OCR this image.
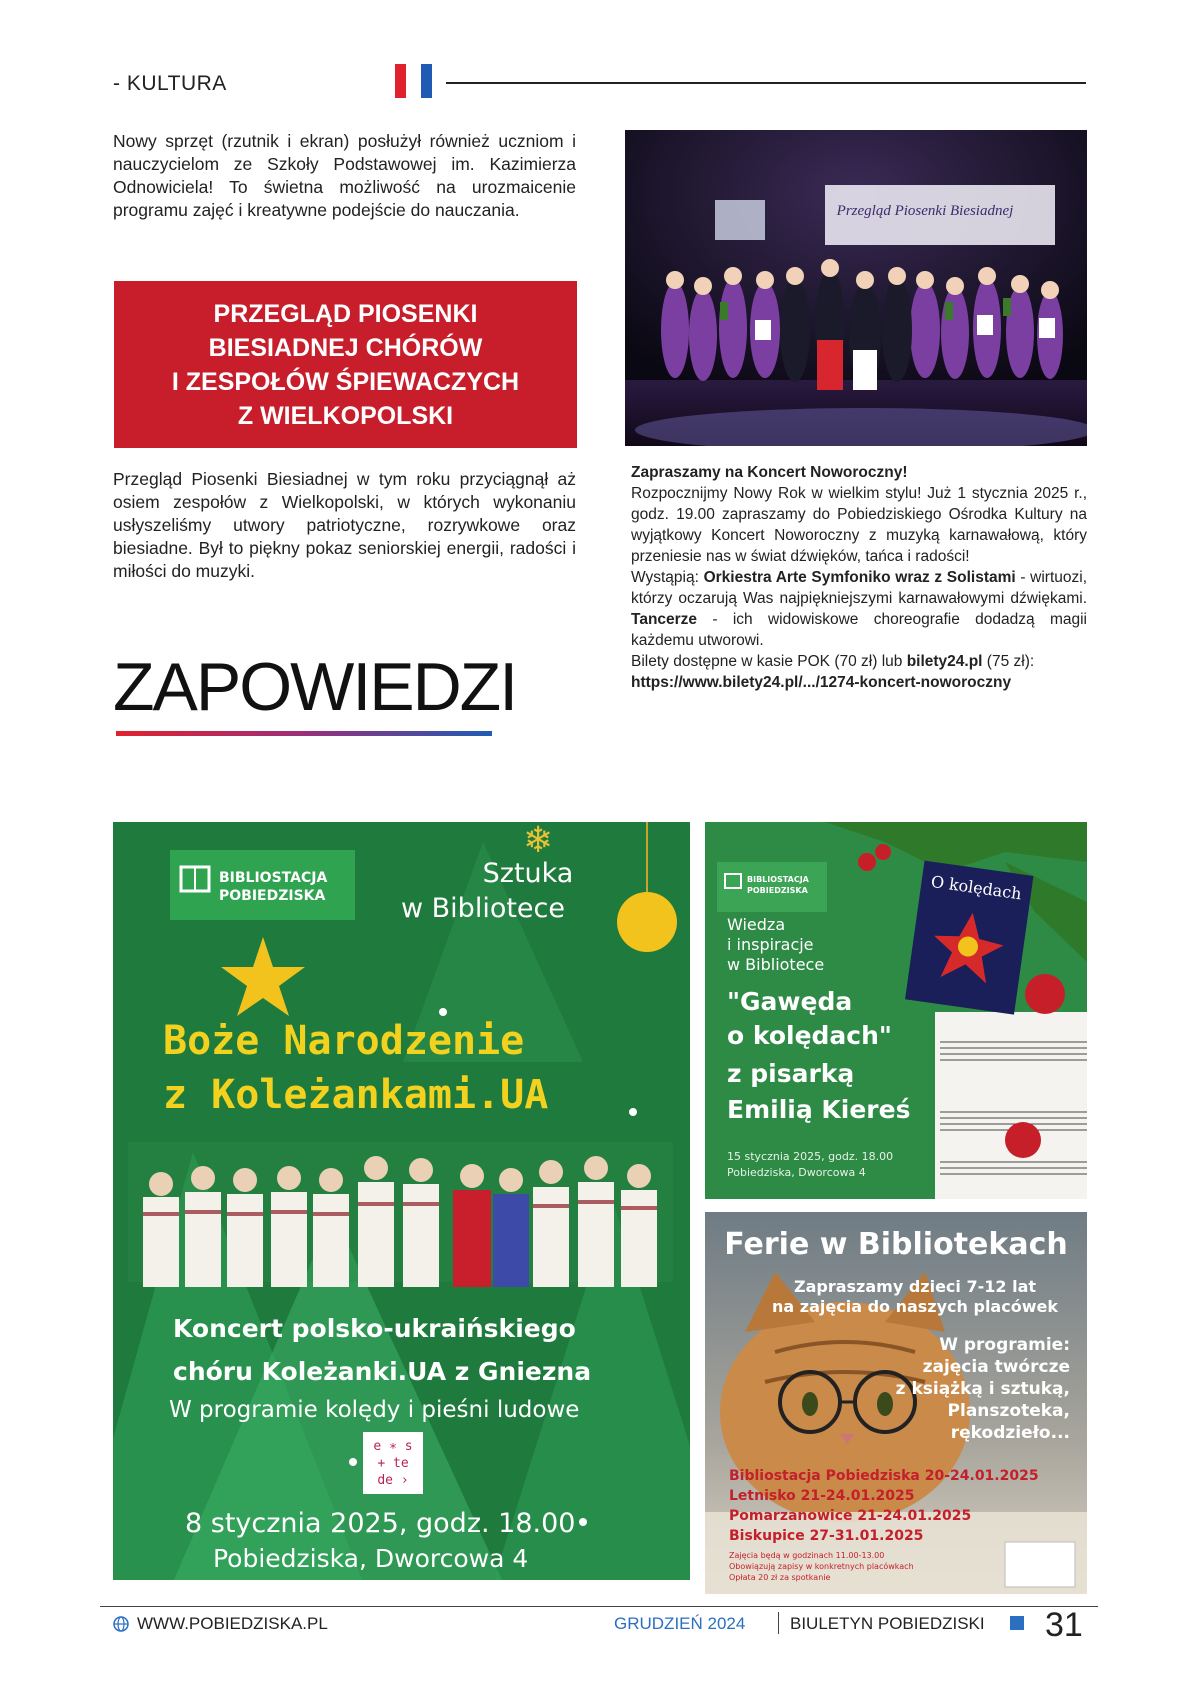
- KULTURA
Nowy sprzęt (rzutnik i ekran) posłużył również uczniom i nauczycielom ze Szkoły Podstawowej im. Kazimierza Odnowiciela! To świetna możliwość na urozmaicenie programu zajęć i kreatywne podejście do nauczania.
PRZEGLĄD PIOSENKI
BIESIADNEJ CHÓRÓW
I ZESPOŁÓW ŚPIEWACZYCH
Z WIELKOPOLSKI
Przegląd Piosenki Biesiadnej w tym roku przyciągnął aż osiem zespołów z Wielkopolski, w których wykonaniu usłyszeliśmy utwory patriotyczne, rozrywkowe oraz biesiadne. Był to piękny pokaz seniorskiej energii, radości i miłości do muzyki.
Przegląd Piosenki Biesiadnej

Zapraszamy na Koncert Noworoczny!

Rozpocznijmy Nowy Rok w wielkim stylu! Już 1 stycznia 2025 r., godz. 19.00 zapraszamy do Pobiedziskiego Ośrodka Kultury na wyjątkowy Koncert Noworoczny z muzyką karnawałową, który przeniesie nas w świat dźwięków, tańca i radości!

Wystąpią: Orkiestra Arte Symfoniko wraz z Solistami - wirtuozi, którzy oczarują Was najpiękniejszymi karnawałowymi dźwiękami. Tancerze - ich widowiskowe choreografie dodadzą magii każdemu utworowi.

Bilety dostępne w kasie POK (70 zł) lub bilety24.pl (75 zł):

https://www.bilety24.pl/.../1274-koncert-noworoczny

ZAPOWIEDZI
❄
BIBLIOSTACJA
POBIEDZISKA
Sztuka
w Bibliotece
Boże Narodzenie
z Koleżankami.UA
Koncert polsko-ukraińskiego
chóru Koleżanki.UA z Gniezna
W programie kolędy i pieśni ludowe
e ∗ s
+ te
de ›
8 stycznia 2025, godz. 18.00
Pobiedziska, Dworcowa 4
O kolędach
BIBLIOSTACJA
POBIEDZISKA
Wiedza
i inspiracje
w Bibliotece
"Gawęda
o kolędach"
z pisarką
Emilią Kiereś
15 stycznia 2025, godz. 18.00
Pobiedziska, Dworcowa 4
Ferie w Bibliotekach
Zapraszamy dzieci 7-12 lat
na zajęcia do naszych placówek
W programie:
zajęcia twórcze
z książką i sztuką,
Planszoteka,
rękodzieło...
Bibliostacja Pobiedziska 20-24.01.2025
Letnisko 21-24.01.2025
Pomarzanowice 21-24.01.2025
Biskupice 27-31.01.2025
Zajęcia będą w godzinach 11.00-13.00
Obowiązują zapisy w konkretnych placówkach
Opłata 20 zł za spotkanie
WWW.POBIEDZISKA.PL	GRUDZIEŃ 2024	BIULETYN POBIEDZISKI 31
